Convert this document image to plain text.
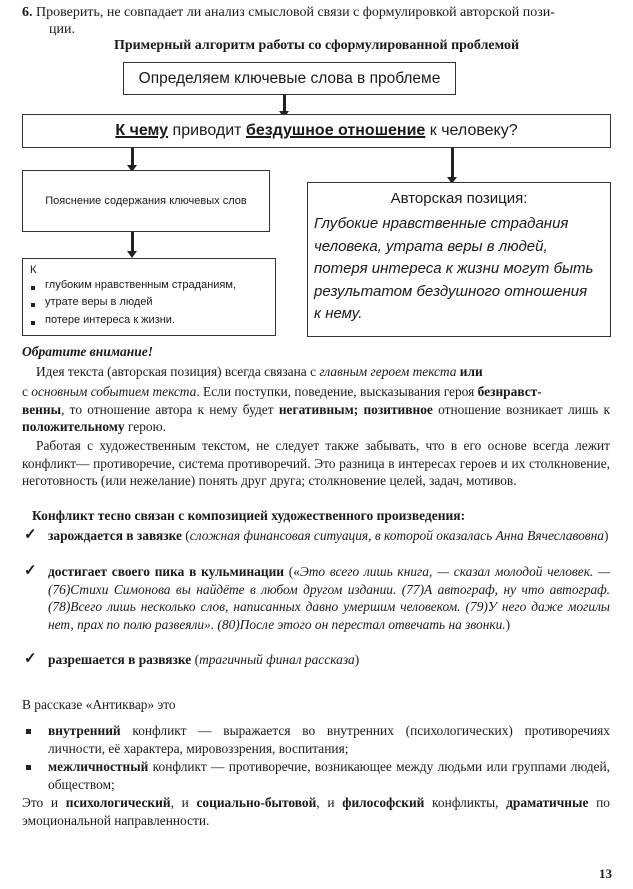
6. Проверить, не совпадает ли анализ смысловой связи с формулировкой авторской пози-
ции.
Примерный алгоритм работы со сформулированной проблемой
Определяем ключевые слова в проблеме
К чему приводит бездушное отношение к человеку?
Пояснение содержания ключевых слов
К
глубоким нравственным страданиям,
утрате веры в людей
потере интереса к жизни.
Авторская позиция:
Глубокие нравственные страдания
человека, утрата веры в людей,
потеря интереса к жизни могут быть
результатом бездушного отношения
к нему.
Обратите внимание!
Идея текста (авторская позиция) всегда связана с главным героем текста или
с основным событием текста. Если поступки, поведение, высказывания героя безнравст-
венны, то отношение автора к нему будет негативным; позитивное отношение возникает лишь к положительному герою.
Работая с художественным текстом, не следует также забывать, что в его основе всегда лежит конфликт— противоречие, система противоречий. Это разница в интересах героев и их столкновение, неготовность (или нежелание) понять друг друга; столкновение целей, задач, мотивов.
Конфликт тесно связан с композицией художественного произведения:
✓ зарождается в завязке (сложная финансовая ситуация, в которой оказалась Анна Вячеславовна)
✓ достигает своего пика в кульминации («Это всего лишь книга, — сказал молодой человек. — (76)Стихи Симонова вы найдёте в любом другом издании. (77)А автограф, ну что автограф. (78)Всего лишь несколько слов, написанных давно умершим человеком. (79)У него даже могилы нет, прах по полю развеяли». (80)После этого он перестал отвечать на звонки.)
✓ разрешается в развязке (трагичный финал рассказа)
В рассказе «Антиквар» это
внутренний конфликт — выражается во внутренних (психологических) противоречиях личности, её характера, мировоззрения, воспитания;
межличностный конфликт — противоречие, возникающее между людьми или группами людей, обществом;
Это и психологический, и социально-бытовой, и философский конфликты, драматичные по эмоциональной направленности.
13
